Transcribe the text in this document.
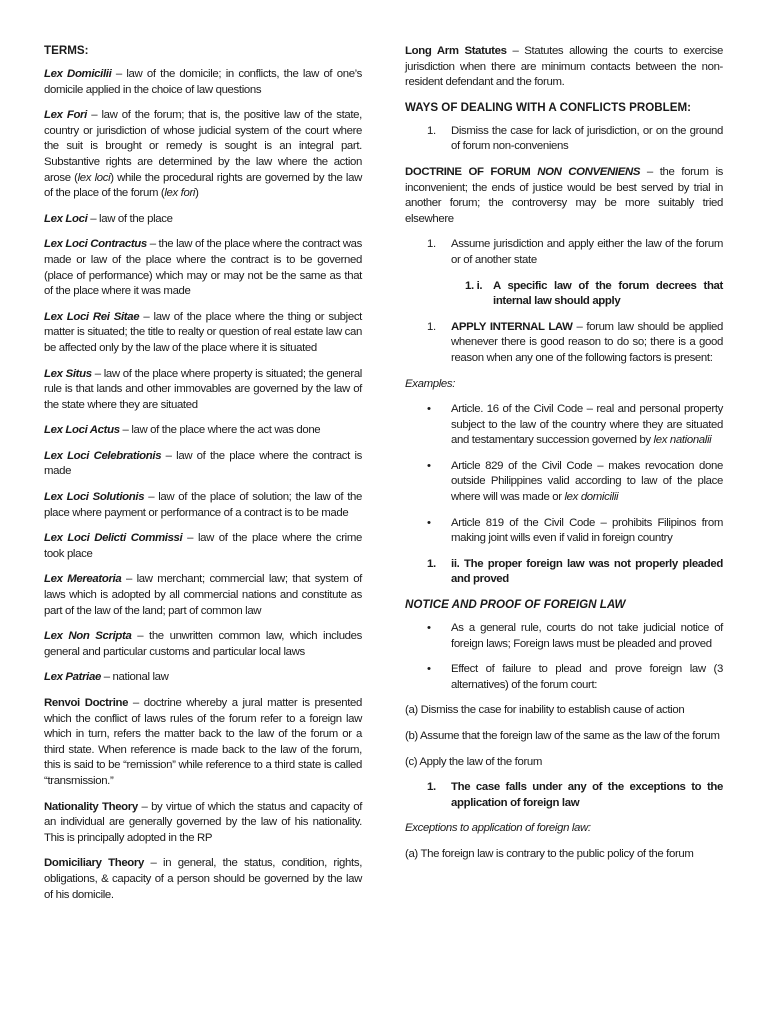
TERMS:

Lex Domicilii – law of the domicile; in conflicts, the law of one’s domicile applied in the choice of law questions

Lex Fori – law of the forum; that is, the positive law of the state, country or jurisdiction of whose judicial system of the court where the suit is brought or remedy is sought is an integral part. Substantive rights are determined by the law where the action arose (lex loci) while the procedural rights are governed by the law of the place of the forum (lex fori)

Lex Loci – law of the place

Lex Loci Contractus – the law of the place where the contract was made or law of the place where the contract is to be governed (place of performance) which may or may not be the same as that of the place where it was made

Lex Loci Rei Sitae – law of the place where the thing or subject matter is situated; the title to realty or question of real estate law can be affected only by the law of the place where it is situated

Lex Situs – law of the place where property is situated; the general rule is that lands and other immovables are governed by the law of the state where they are situated

Lex Loci Actus – law of the place where the act was done

Lex Loci Celebrationis – law of the place where the contract is made

Lex Loci Solutionis – law of the place of solution; the law of the place where payment or performance of a contract is to be made

Lex Loci Delicti Commissi – law of the place where the crime took place

Lex Mereatoria – law merchant; commercial law; that system of laws which is adopted by all commercial nations and constitute as part of the law of the land; part of common law

Lex Non Scripta – the unwritten common law, which includes general and particular customs and particular local laws

Lex Patriae – national law

Renvoi Doctrine – doctrine whereby a jural matter is presented which the conflict of laws rules of the forum refer to a foreign law which in turn, refers the matter back to the law of the forum or a third state. When reference is made back to the law of the forum, this is said to be “remission” while reference to a third state is called “transmission.”

Nationality Theory – by virtue of which the status and capacity of an individual are generally governed by the law of his nationality. This is principally adopted in the RP

Domiciliary Theory – in general, the status, condition, rights, obligations, & capacity of a person should be governed by the law of his domicile.

Long Arm Statutes – Statutes allowing the courts to exercise jurisdiction when there are minimum contacts between the non-resident defendant and the forum.

WAYS OF DEALING WITH A CONFLICTS PROBLEM:

1. Dismiss the case for lack of jurisdiction, or on the ground of forum non-conveniens

DOCTRINE OF FORUM NON CONVENIENS – the forum is inconvenient; the ends of justice would be best served by trial in another forum; the controversy may be more suitably tried elsewhere

1. Assume jurisdiction and apply either the law of the forum or of another state

1. i. A specific law of the forum decrees that internal law should apply

1. APPLY INTERNAL LAW – forum law should be applied whenever there is good reason to do so; there is a good reason when any one of the following factors is present:

Examples:

• Article. 16 of the Civil Code – real and personal property subject to the law of the country where they are situated and testamentary succession governed by lex nationalii

• Article 829 of the Civil Code – makes revocation done outside Philippines valid according to law of the place where will was made or lex domicilii

• Article 819 of the Civil Code – prohibits Filipinos from making joint wills even if valid in foreign country

1. ii. The proper foreign law was not properly pleaded and proved

NOTICE AND PROOF OF FOREIGN LAW

• As a general rule, courts do not take judicial notice of foreign laws; Foreign laws must be pleaded and proved

• Effect of failure to plead and prove foreign law (3 alternatives) of the forum court:

(a) Dismiss the case for inability to establish cause of action

(b) Assume that the foreign law of the same as the law of the forum

(c) Apply the law of the forum

1. The case falls under any of the exceptions to the application of foreign law

Exceptions to application of foreign law:

(a) The foreign law is contrary to the public policy of the forum
